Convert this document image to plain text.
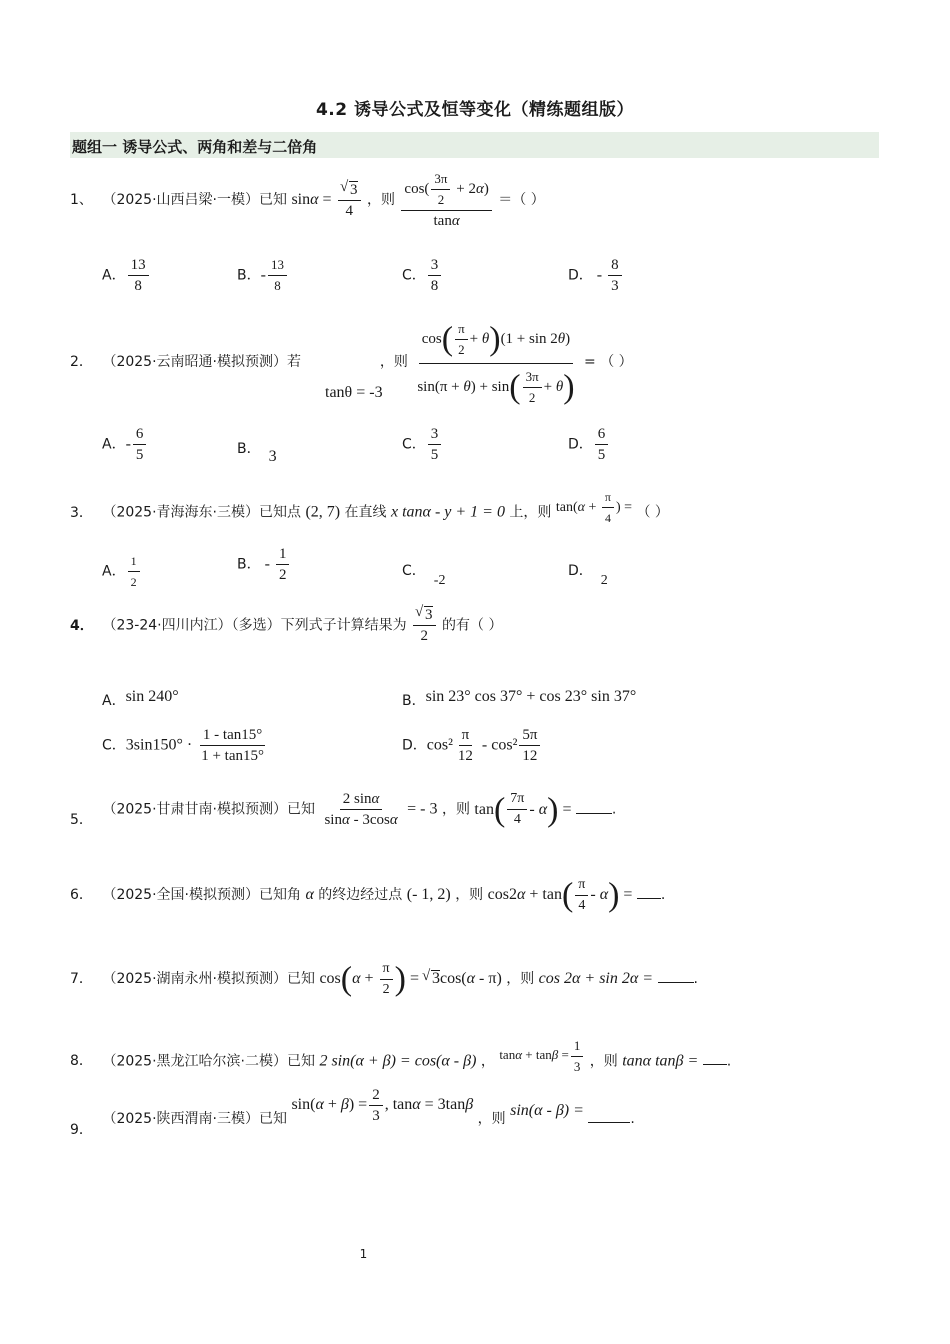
4.2 诱导公式及恒等变化（精练题组版）
题组一 诱导公式、两角和差与二倍角
1、 （2025·山西吕梁·一模）已知 sinα = √ $\frac{3}{4}$ ，则 $\frac{\cos( \frac{3\pi}{2} + 2\alpha)}{\tan\alpha}$ ＝（ ）
A． $\frac{13}{8}$	B．- $\frac{13}{8}$	C． $\frac{3}{8}$	D． - $\frac{8}{3}$
2． （2025·云南昭通·模拟预测）若
tanθ = -3
，则 $\frac{\cos( \frac{\pi}{2} + \theta)(1 + \sin 2\theta)}{\sin(\pi + \theta) + \sin( \frac{3\pi}{2} + \theta)}$ = （ ）
A．- $\frac{6}{5}$	B． 3
C． $\frac{3}{5}$	D． $\frac{6}{5}$
3． （2025·青海海东·三模）已知点 (2, 7) 在直线 x tanα - y + 1 = 0 上，则 $\tan(\alpha + \frac{\pi}{4}$ ) = （ ）
A． $\frac{1}{2}$	B． - $\frac{1}{2}$	C．-2
D．2
4． （23-24·四川内江）（多选）下列式子计算结果为 √ $\frac{3}{2}$ 的有（ ）
A．sin 240°	B．sin 23° cos 37° + cos 23° sin 37°
C．$3\sin 150^\circ \cdot \frac{1 - \tan 15^\circ}{1 + \tan 15^\circ}$	D．$\cos^2 \frac{\pi}{12} - \cos^2 \frac{5\pi}{12}$
5． （2025·甘肃甘南·模拟预测）已知 $\frac{2 \sin\alpha}{\sin\alpha - 3\cos\alpha}$ = - 3 ，则 $\tan( \frac{7\pi}{4} - \alpha)$ =	.
6． （2025·全国·模拟预测）已知角 α 的终边经过点 (- 1, 2) ，则 $\cos 2\alpha + \tan( \frac{\pi}{4} - \alpha)$ = .
7． （2025·湖南永州·模拟预测）已知 $\cos(\alpha + \frac{\pi}{2}$ ) = √ 3cos(α - π) ，则 cos 2α + sin 2α =	.
8． （2025·黑龙江哈尔滨·二模）已知 2 sin(α + β) = cos(α - β) ， $\tan\alpha + \tan\beta = \frac{1}{3}$ ，则 tanα tanβ = .
9． （2025·陕西渭南·三模）已知 $\sin(\alpha + \beta) = \frac{2}{3}$ , tanα = 3tanβ ，则 sin(α - β) =	.
1
